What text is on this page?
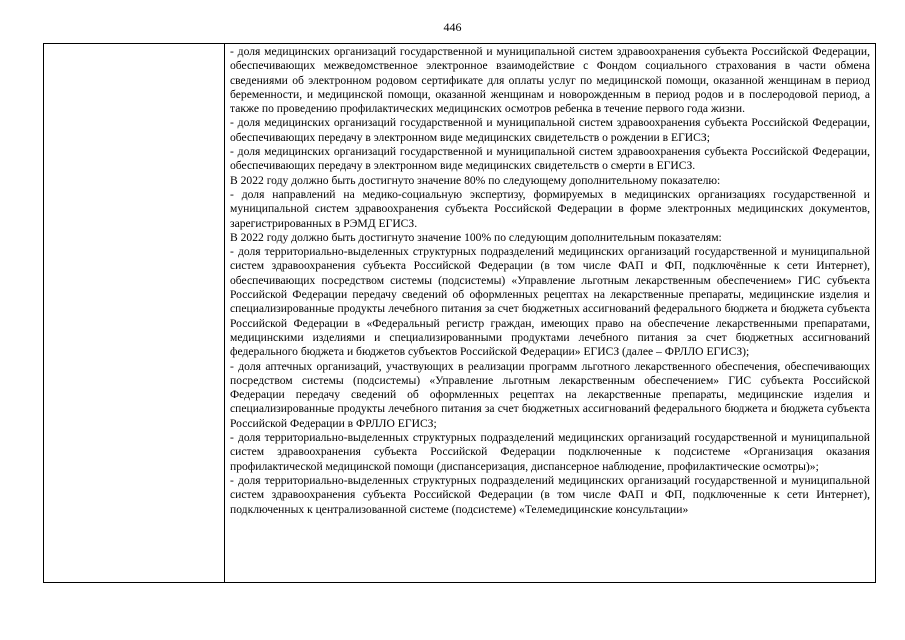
446

- доля медицинских организаций государственной и муниципальной систем здравоохранения субъекта Российской Федерации, обеспечивающих межведомственное электронное взаимодействие с Фондом социального страхования в части обмена сведениями об электронном родовом сертификате для оплаты услуг по медицинской помощи, оказанной женщинам в период беременности, и медицинской помощи, оказанной женщинам и новорожденным в период родов и в послеродовой период, а также по проведению профилактических медицинских осмотров ребенка в течение первого года жизни.

- доля медицинских организаций государственной и муниципальной систем здравоохранения субъекта Российской Федерации, обеспечивающих передачу в электронном виде медицинских свидетельств о рождении в ЕГИСЗ;

- доля медицинских организаций государственной и муниципальной систем здравоохранения субъекта Российской Федерации, обеспечивающих передачу в электронном виде медицинских свидетельств о смерти в ЕГИСЗ.

В 2022 году должно быть достигнуто значение 80% по следующему дополнительному показателю:

- доля направлений на медико-социальную экспертизу, формируемых в медицинских организациях государственной и муниципальной систем здравоохранения субъекта Российской Федерации в форме электронных медицинских документов, зарегистрированных в РЭМД ЕГИСЗ.

В 2022 году должно быть достигнуто значение 100% по следующим дополнительным показателям:

- доля территориально-выделенных структурных подразделений медицинских организаций государственной и муниципальной систем здравоохранения субъекта Российской Федерации (в том числе ФАП и ФП, подключённые к сети Интернет), обеспечивающих посредством системы (подсистемы) «Управление льготным лекарственным обеспечением» ГИС субъекта Российской Федерации передачу сведений об оформленных рецептах на лекарственные препараты, медицинские изделия и специализированные продукты лечебного питания за счет бюджетных ассигнований федерального бюджета и бюджета субъекта Российской Федерации в «Федеральный регистр граждан, имеющих право на обеспечение лекарственными препаратами, медицинскими изделиями и специализированными продуктами лечебного питания за счет бюджетных ассигнований федерального бюджета и бюджетов субъектов Российской Федерации» ЕГИСЗ (далее – ФРЛЛО ЕГИСЗ);

- доля аптечных организаций, участвующих в реализации программ льготного лекарственного обеспечения, обеспечивающих посредством системы (подсистемы) «Управление льготным лекарственным обеспечением» ГИС субъекта Российской Федерации передачу сведений об оформленных рецептах на лекарственные препараты, медицинские изделия и специализированные продукты лечебного питания за счет бюджетных ассигнований федерального бюджета и бюджета субъекта Российской Федерации в ФРЛЛО ЕГИСЗ;

- доля территориально-выделенных структурных подразделений медицинских организаций государственной и муниципальной систем здравоохранения субъекта Российской Федерации подключенные к подсистеме «Организация оказания профилактической медицинской помощи (диспансеризация, диспансерное наблюдение, профилактические осмотры)»;

- доля территориально-выделенных структурных подразделений медицинских организаций государственной и муниципальной систем здравоохранения субъекта Российской Федерации (в том числе ФАП и ФП, подключенные к сети Интернет), подключенных к централизованной системе (подсистеме) «Телемедицинские консультации»
